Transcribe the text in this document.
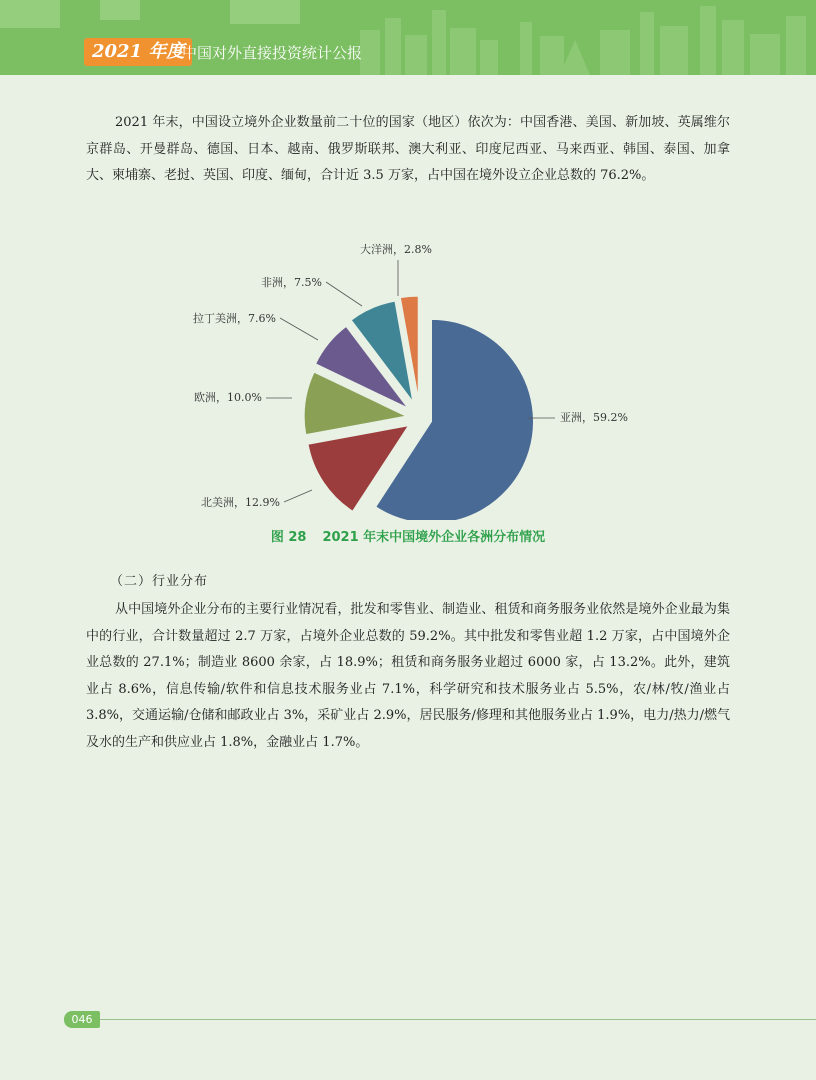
2021 年度
中国对外直接投资统计公报

2021 年末，中国设立境外企业数量前二十位的国家（地区）依次为：中国香港、美国、新加坡、英属维尔京群岛、开曼群岛、德国、日本、越南、俄罗斯联邦、澳大利亚、印度尼西亚、马来西亚、韩国、泰国、加拿大、柬埔寨、老挝、英国、印度、缅甸，合计近 3.5 万家，占中国在境外设立企业总数的 76.2%。

亚洲，59.2%
北美洲，12.9%
欧洲，10.0%
拉丁美洲，7.6%
非洲，7.5%
大洋洲，2.8%
图 28 2021 年末中国境外企业各洲分布情况
（二）行业分布

从中国境外企业分布的主要行业情况看，批发和零售业、制造业、租赁和商务服务业依然是境外企业最为集中的行业，合计数量超过 2.7 万家，占境外企业总数的 59.2%。其中批发和零售业超 1.2 万家，占中国境外企业总数的 27.1%；制造业 8600 余家，占 18.9%；租赁和商务服务业超过 6000 家，占 13.2%。此外，建筑业占 8.6%，信息传输/软件和信息技术服务业占 7.1%，科学研究和技术服务业占 5.5%，农/林/牧/渔业占 3.8%，交通运输/仓储和邮政业占 3%，采矿业占 2.9%，居民服务/修理和其他服务业占 1.9%，电力/热力/燃气及水的生产和供应业占 1.8%，金融业占 1.7%。

046
